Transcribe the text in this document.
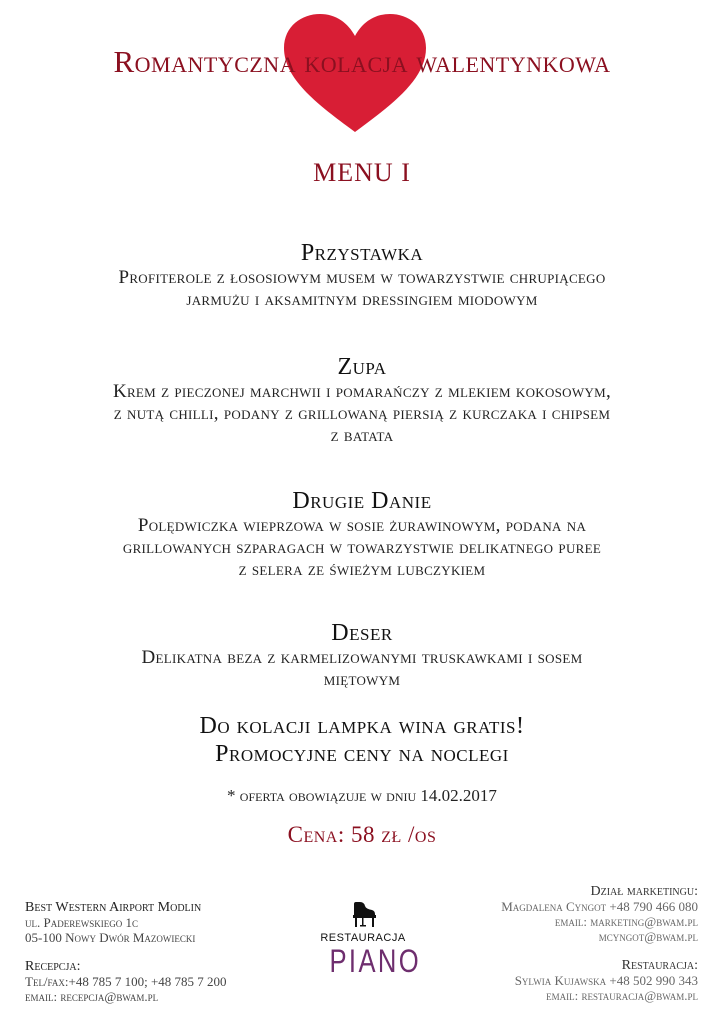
Romantyczna kolacja walentynkowa
MENU I
Przystawka

Profiterole z łososiowym musem w towarzystwie chrupiącego

jarmużu i aksamitnym dressingiem miodowym

Zupa

Krem z pieczonej marchwii i pomarańczy z mlekiem kokosowym,

z nutą chilli, podany z grillowaną piersią z kurczaka i chipsem

z batata

Drugie Danie

Polędwiczka wieprzowa w sosie żurawinowym, podana na

grillowanych szparagach w towarzystwie delikatnego puree

z selera ze świeżym lubczykiem

Deser

Delikatna beza z karmelizowanymi truskawkami i sosem

miętowym

Do kolacji lampka wina gratis!
Promocyjne ceny na noclegi
* oferta obowiązuje w dniu 14.02.2017
Cena: 58 zł /os
Best Western Airport Modlin
ul. Paderewskiego 1c
05-100 Nowy Dwór Mazowiecki
Recepcja:
Tel/fax:+48 785 7 100; +48 785 7 200
email: recepcja@bwam.pl
RESTAURACJA
PIANO
Dział marketingu:
Magdalena Cyngot +48 790 466 080
email: marketing@bwam.pl
mcyngot@bwam.pl
Restauracja:
Sylwia Kujawska +48 502 990 343
email: restauracja@bwam.pl
